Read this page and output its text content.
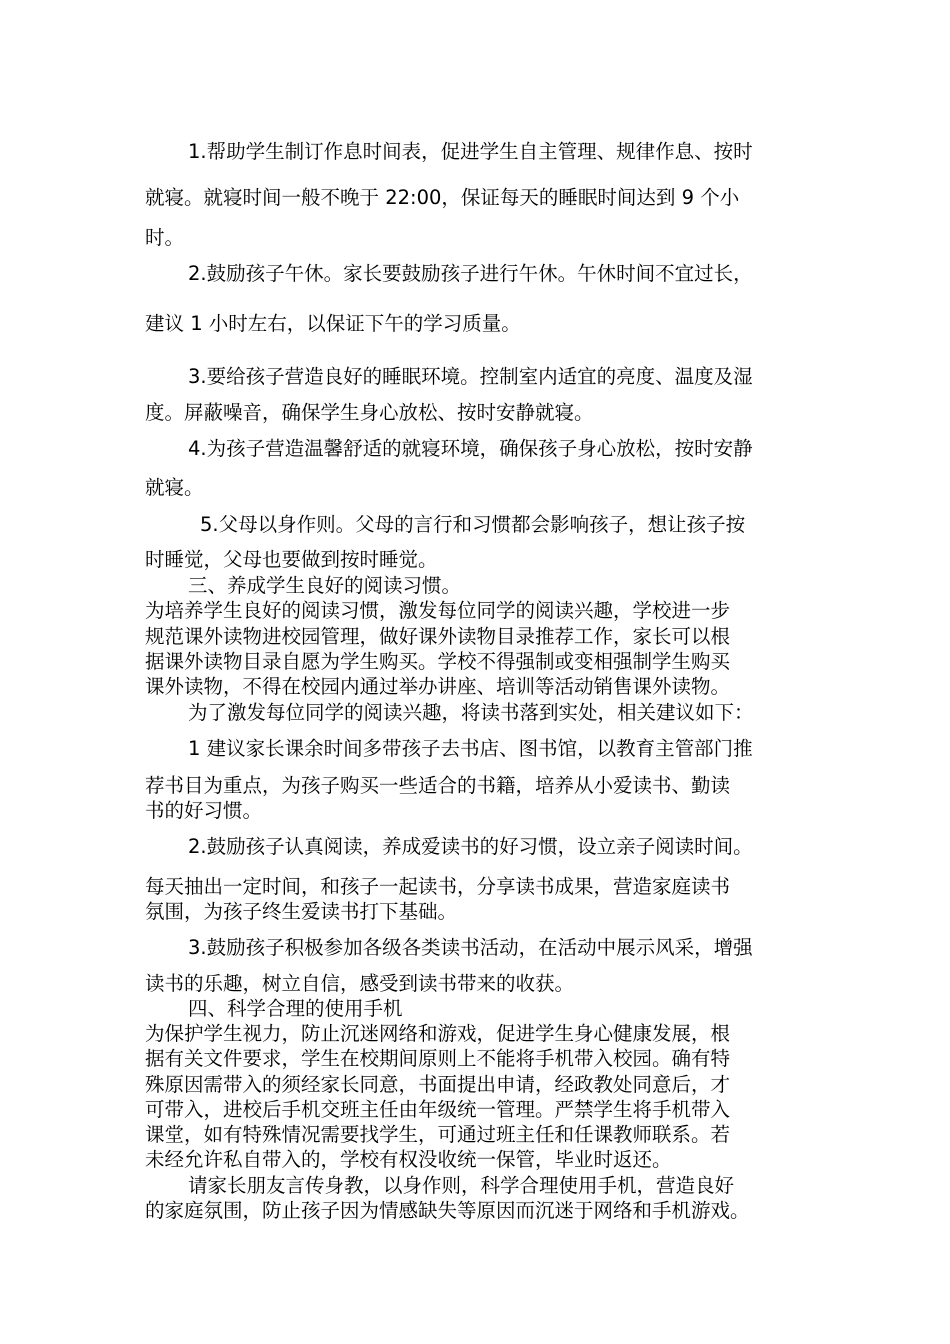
1.帮助学生制订作息时间表，促进学生自主管理、规律作息、按时
就寝。就寝时间一般不晚于 22:00，保证每天的睡眠时间达到 9 个小
时。
2.鼓励孩子午休。家长要鼓励孩子进行午休。午休时间不宜过长，
建议 1 小时左右，以保证下午的学习质量。
3.要给孩子营造良好的睡眠环境。控制室内适宜的亮度、温度及湿
度。屏蔽噪音，确保学生身心放松、按时安静就寝。
4.为孩子营造温馨舒适的就寝环境，确保孩子身心放松，按时安静
就寝。
5.父母以身作则。父母的言行和习惯都会影响孩子，想让孩子按
时睡觉，父母也要做到按时睡觉。
三、养成学生良好的阅读习惯。
为培养学生良好的阅读习惯，激发每位同学的阅读兴趣，学校进一步
规范课外读物进校园管理，做好课外读物目录推荐工作，家长可以根
据课外读物目录自愿为学生购买。学校不得强制或变相强制学生购买
课外读物，不得在校园内通过举办讲座、培训等活动销售课外读物。
为了激发每位同学的阅读兴趣，将读书落到实处，相关建议如下：
1 建议家长课余时间多带孩子去书店、图书馆，以教育主管部门推
荐书目为重点，为孩子购买一些适合的书籍，培养从小爱读书、勤读
书的好习惯。
2.鼓励孩子认真阅读，养成爱读书的好习惯，设立亲子阅读时间。
每天抽出一定时间，和孩子一起读书，分享读书成果，营造家庭读书
氛围，为孩子终生爱读书打下基础。
3.鼓励孩子积极参加各级各类读书活动，在活动中展示风采，增强
读书的乐趣，树立自信，感受到读书带来的收获。
四、科学合理的使用手机
为保护学生视力，防止沉迷网络和游戏，促进学生身心健康发展，根
据有关文件要求，学生在校期间原则上不能将手机带入校园。确有特
殊原因需带入的须经家长同意，书面提出申请，经政教处同意后，才
可带入，进校后手机交班主任由年级统一管理。严禁学生将手机带入
课堂，如有特殊情况需要找学生，可通过班主任和任课教师联系。若
未经允许私自带入的，学校有权没收统一保管，毕业时返还。
请家长朋友言传身教，以身作则，科学合理使用手机，营造良好
的家庭氛围，防止孩子因为情感缺失等原因而沉迷于网络和手机游戏。
